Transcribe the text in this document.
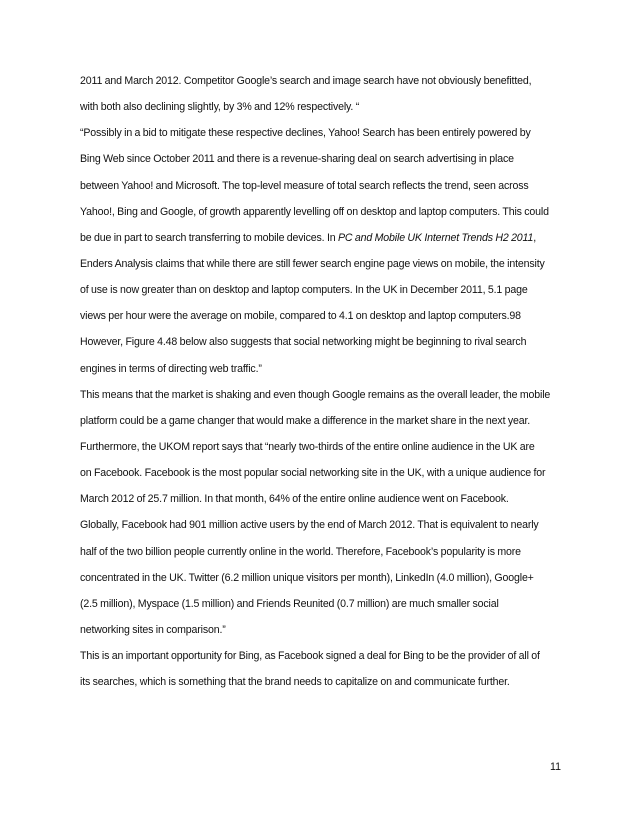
2011 and March 2012. Competitor Google’s search and image search have not obviously benefitted,
with both also declining slightly, by 3% and 12% respectively. “
“Possibly in a bid to mitigate these respective declines, Yahoo! Search has been entirely powered by
Bing Web since October 2011 and there is a revenue-sharing deal on search advertising in place
between Yahoo! and Microsoft. The top-level measure of total search reflects the trend, seen across
Yahoo!, Bing and Google, of growth apparently levelling off on desktop and laptop computers. This could
be due in part to search transferring to mobile devices. In PC and Mobile UK Internet Trends H2 2011,
Enders Analysis claims that while there are still fewer search engine page views on mobile, the intensity
of use is now greater than on desktop and laptop computers. In the UK in December 2011, 5.1 page
views per hour were the average on mobile, compared to 4.1 on desktop and laptop computers.98
However, Figure 4.48 below also suggests that social networking might be beginning to rival search
engines in terms of directing web traffic.”
This means that the market is shaking and even though Google remains as the overall leader, the mobile
platform could be a game changer that would make a difference in the market share in the next year.
Furthermore, the UKOM report says that “nearly two-thirds of the entire online audience in the UK are
on Facebook. Facebook is the most popular social networking site in the UK, with a unique audience for
March 2012 of 25.7 million. In that month, 64% of the entire online audience went on Facebook.
Globally, Facebook had 901 million active users by the end of March 2012. That is equivalent to nearly
half of the two billion people currently online in the world. Therefore, Facebook’s popularity is more
concentrated in the UK. Twitter (6.2 million unique visitors per month), LinkedIn (4.0 million), Google+
(2.5 million), Myspace (1.5 million) and Friends Reunited (0.7 million) are much smaller social
networking sites in comparison.”
This is an important opportunity for Bing, as Facebook signed a deal for Bing to be the provider of all of
its searches, which is something that the brand needs to capitalize on and communicate further.
11
